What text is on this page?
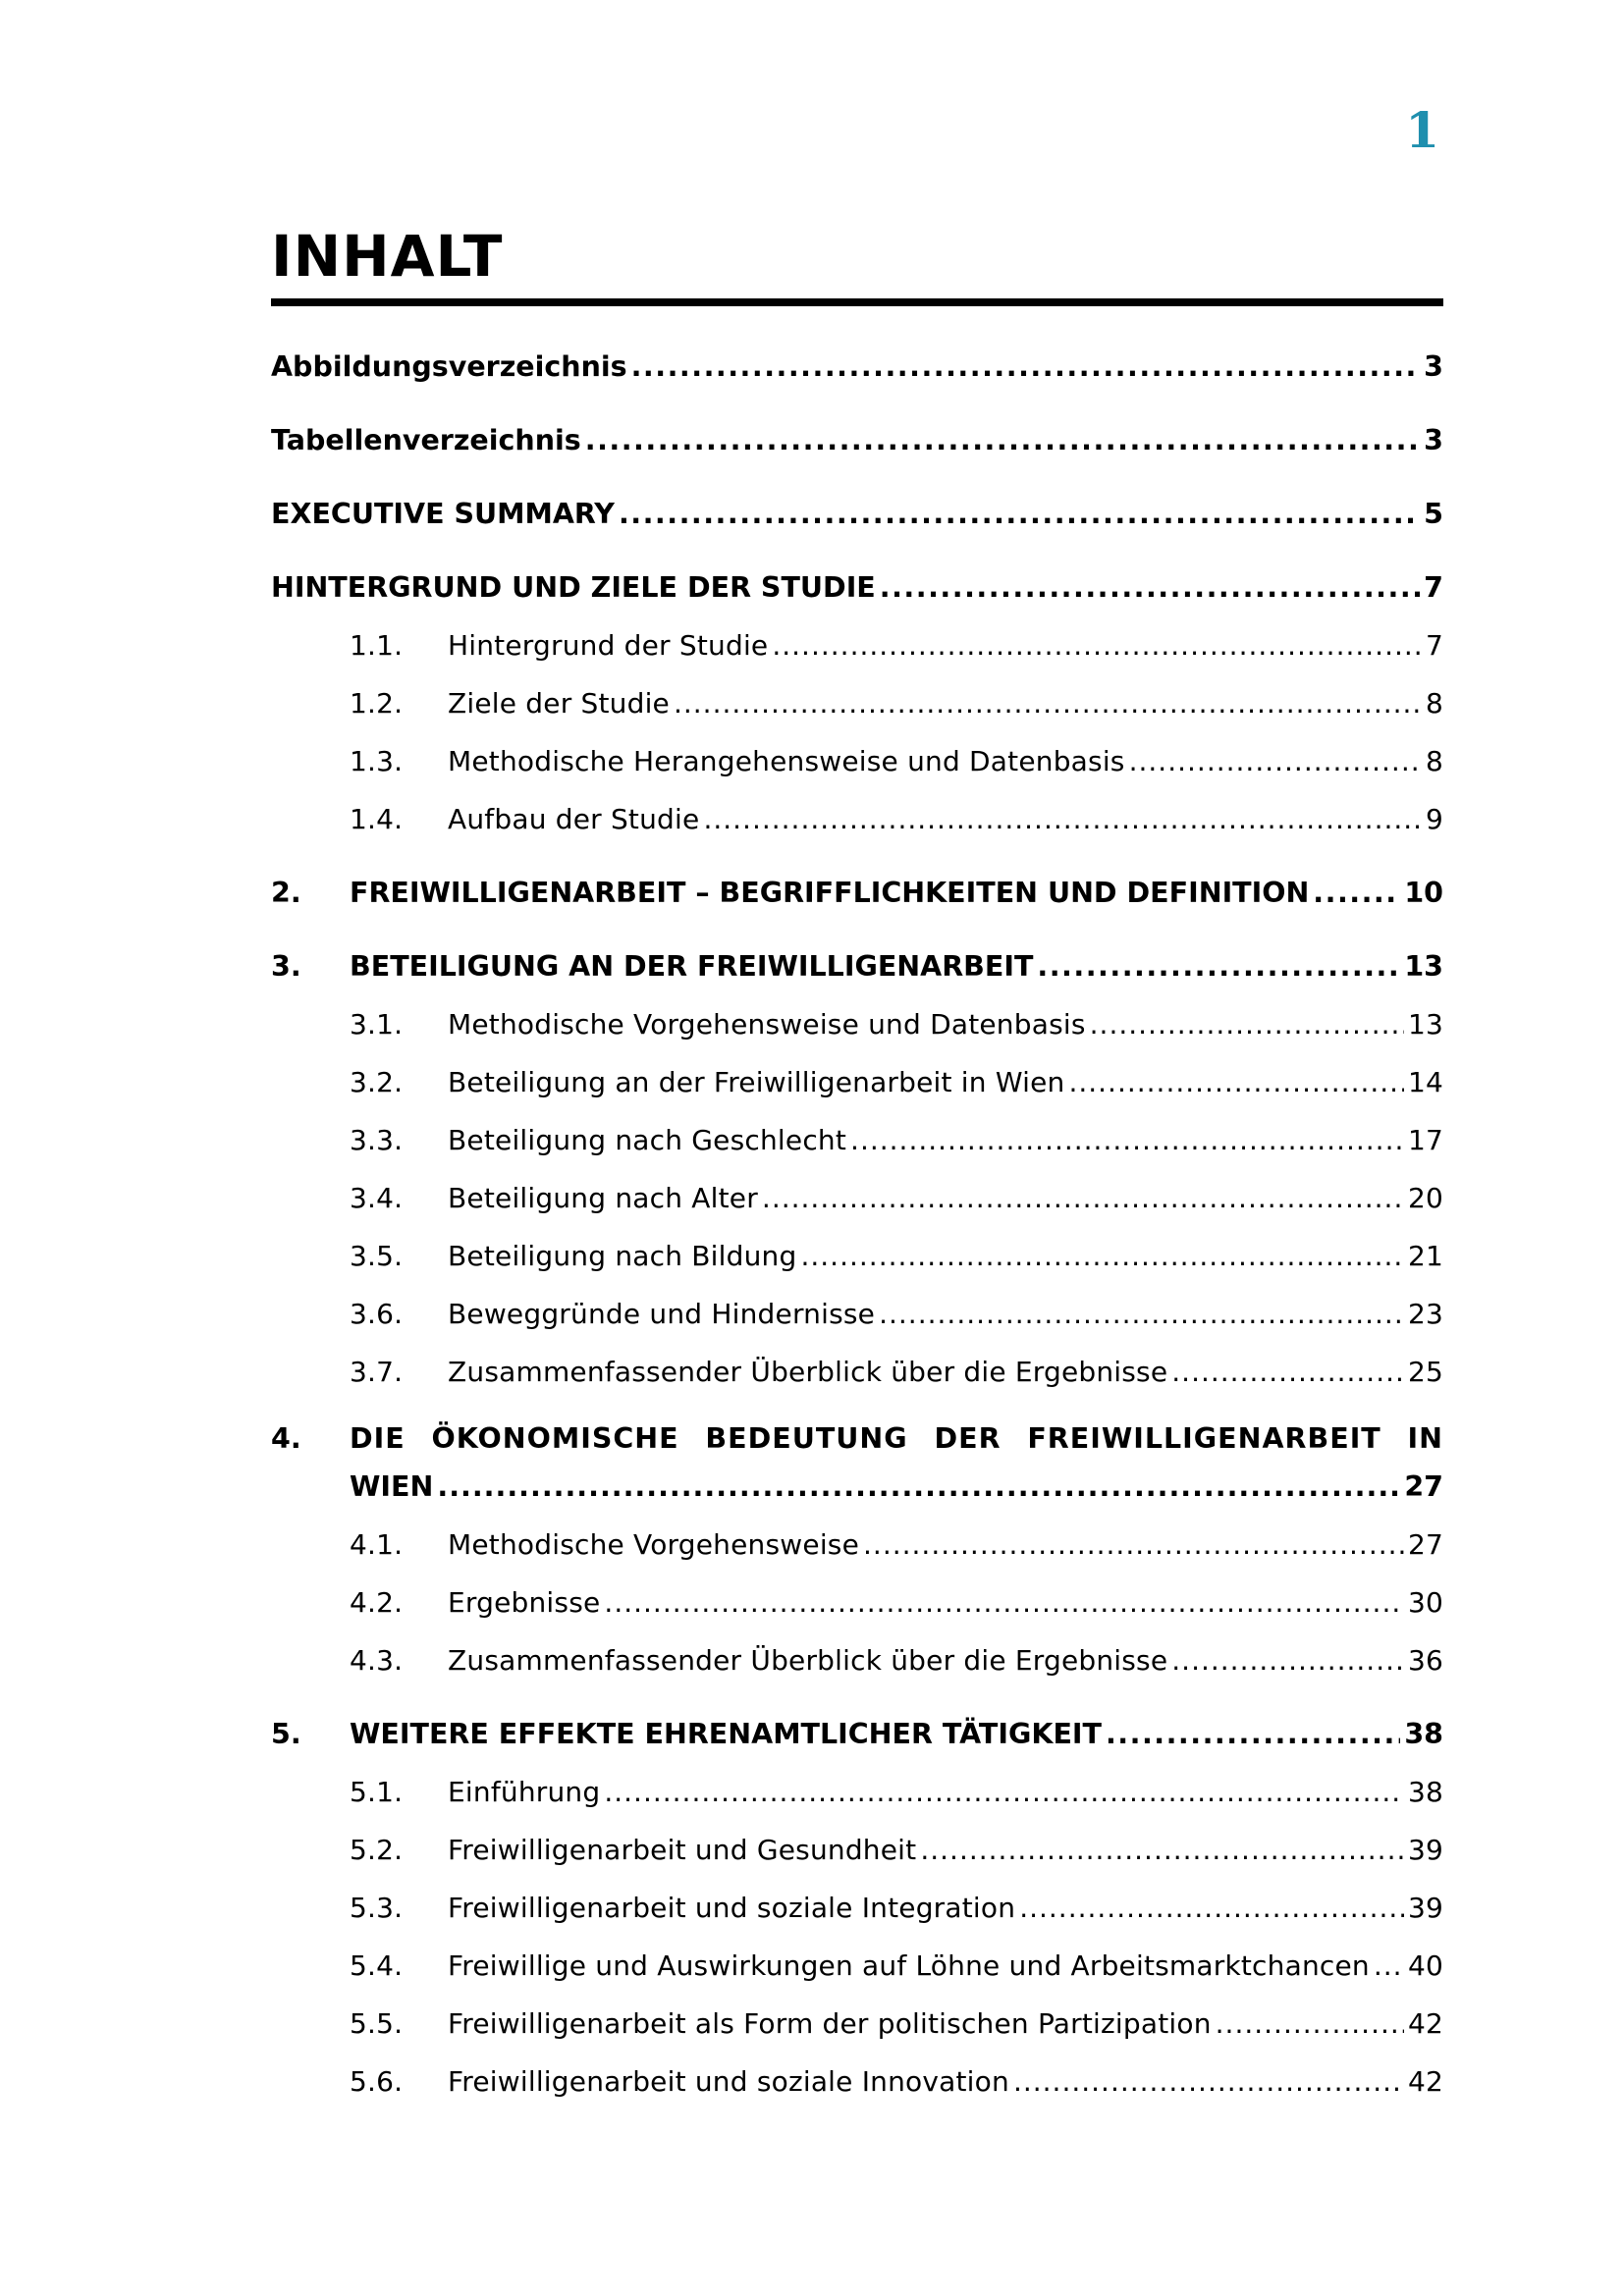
1
INHALT
Abbildungsverzeichnis .....	3
Tabellenverzeichnis .....	3
EXECUTIVE SUMMARY .....	5
HINTERGRUND UND ZIELE DER STUDIE .....	7
1.1.	Hintergrund der Studie .....	7
1.2.	Ziele der Studie .....	8
1.3.	Methodische Herangehensweise und Datenbasis .....	8
1.4.	Aufbau der Studie .....	9
2.	FREIWILLIGENARBEIT – BEGRIFFLICHKEITEN UND DEFINITION .....	10
3.	BETEILIGUNG AN DER FREIWILLIGENARBEIT .....	13
3.1.	Methodische Vorgehensweise und Datenbasis .....	13
3.2.	Beteiligung an der Freiwilligenarbeit in Wien .....	14
3.3.	Beteiligung nach Geschlecht .....	17
3.4.	Beteiligung nach Alter .....	20
3.5.	Beteiligung nach Bildung .....	21
3.6.	Beweggründe und Hindernisse .....	23
3.7.	Zusammenfassender Überblick über die Ergebnisse .....	25
4. DIE ÖKONOMISCHE BEDEUTUNG DER FREIWILLIGENARBEIT IN
WIEN .....	27
4.1.	Methodische Vorgehensweise .....	27
4.2.	Ergebnisse .....	30
4.3.	Zusammenfassender Überblick über die Ergebnisse .....	36
5.	WEITERE EFFEKTE EHRENAMTLICHER TÄTIGKEIT .....	38
5.1.	Einführung .....	38
5.2.	Freiwilligenarbeit und Gesundheit .....	39
5.3.	Freiwilligenarbeit und soziale Integration .....	39
5.4.	Freiwillige und Auswirkungen auf Löhne und Arbeitsmarktchancen ..... 40
5.5.	Freiwilligenarbeit als Form der politischen Partizipation .....	42
5.6.	Freiwilligenarbeit und soziale Innovation .....	42
